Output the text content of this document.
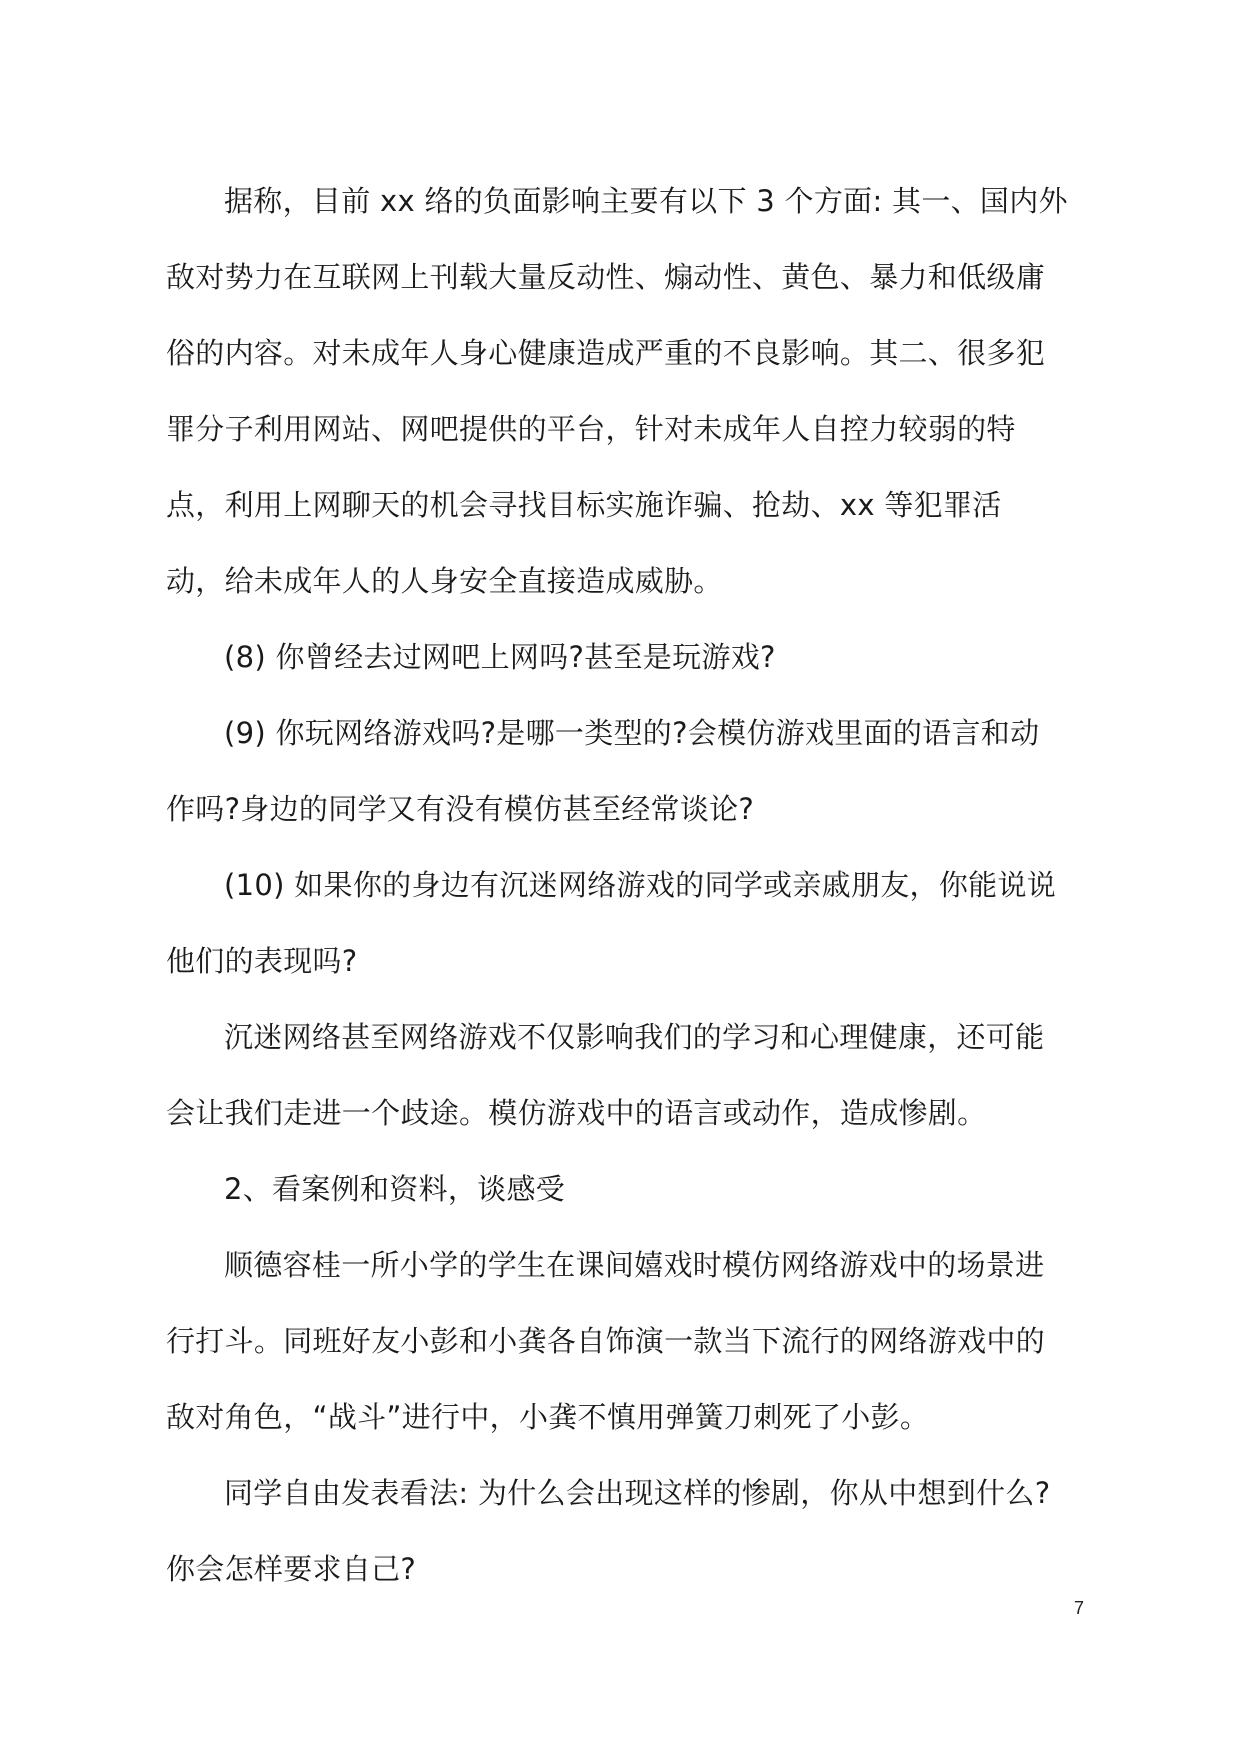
据称，目前 xx 络的负面影响主要有以下 3 个方面: 其一、国内外
敌对势力在互联网上刊载大量反动性、煽动性、黄色、暴力和低级庸
俗的内容。对未成年人身心健康造成严重的不良影响。其二、很多犯
罪分子利用网站、网吧提供的平台，针对未成年人自控力较弱的特
点，利用上网聊天的机会寻找目标实施诈骗、抢劫、xx 等犯罪活
动，给未成年人的人身安全直接造成威胁。

(8) 你曾经去过网吧上网吗?甚至是玩游戏?

(9) 你玩网络游戏吗?是哪一类型的?会模仿游戏里面的语言和动
作吗?身边的同学又有没有模仿甚至经常谈论?

(10) 如果你的身边有沉迷网络游戏的同学或亲戚朋友，你能说说
他们的表现吗?

沉迷网络甚至网络游戏不仅影响我们的学习和心理健康，还可能
会让我们走进一个歧途。模仿游戏中的语言或动作，造成惨剧。

2、看案例和资料，谈感受

顺德容桂一所小学的学生在课间嬉戏时模仿网络游戏中的场景进
行打斗。同班好友小彭和小龚各自饰演一款当下流行的网络游戏中的
敌对角色，“战斗”进行中，小龚不慎用弹簧刀刺死了小彭。

同学自由发表看法: 为什么会出现这样的惨剧，你从中想到什么?
你会怎样要求自己?

7
